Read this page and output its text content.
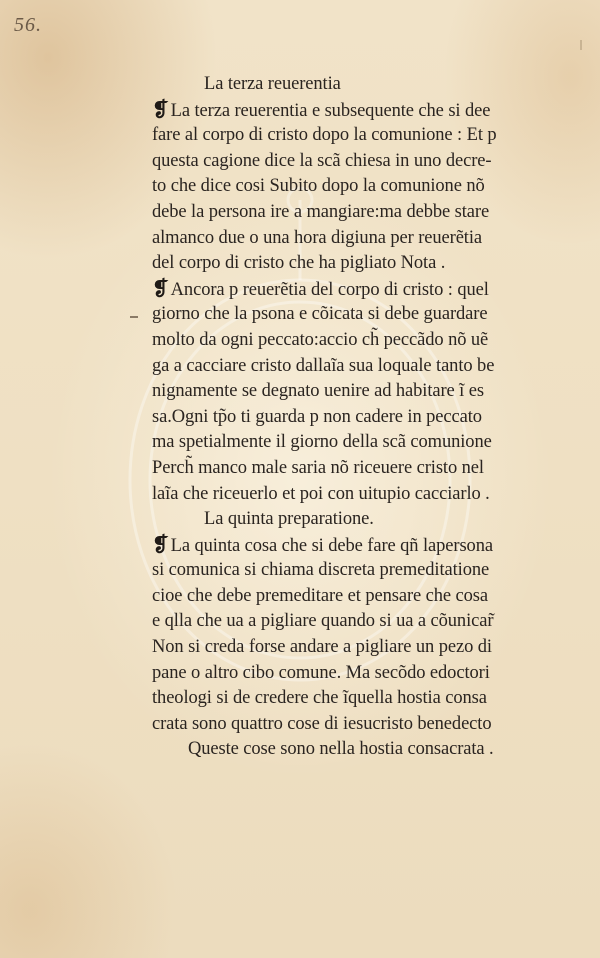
56.
La terza reuerentia
❡ La terza reuerentia e subsequente che si dee
fare al corpo di cristo dopo la comunione : Et p
questa cagione dice la scã chiesa in uno decre-
to che dice cosi Subito dopo la comunione nõ
debe la persona ire a mangiare:ma debbe stare
almanco due o una hora digiuna per reuerẽtia
del corpo di cristo che ha pigliato Nota .
❡ Ancora p reuerẽtia del corpo di cristo : quel
giorno che la psona e cõicata si debe guardare
molto da ogni peccato:accio ch̃ peccãdo nõ uẽ
ga a cacciare cristo dallaĩa sua loquale tanto be
nignamente se degnato uenire ad habitare ĩ es
sa.Ogni tp̃o ti guarda p non cadere in peccato
ma spetialmente il giorno della scã comunione
Perch̃ manco male saria nõ riceuere cristo nel
laĩa che riceuerlo et poi con uitupio cacciarlo .
La quinta preparatione.
❡ La quinta cosa che si debe fare qñ lapersona
si comunica si chiama discreta premeditatione
cioe che debe premeditare et pensare che cosa
e qlla che ua a pigliare quando si ua a cõunicar̃
Non si creda forse andare a pigliare un pezo di
pane o altro cibo comune. Ma secõdo edoctori
theologi si de credere che ĩquella hostia consa
crata sono quattro cose di iesucristo benedecto
Queste cose sono nella hostia consacrata .
